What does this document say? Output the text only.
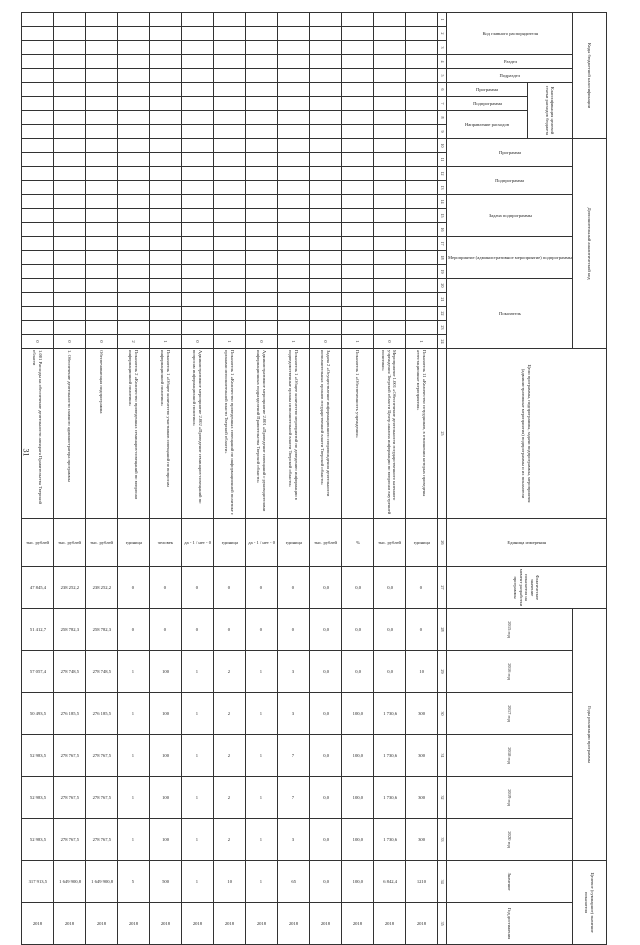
31
Коды бюджетной классификации									Дополнительный аналитический код															Цели программы, подпрограммы, задачи подпрограммы, мероприятия (административные мероприятия) подпрограммы и их показатели	Единица измерения	Фактическое значение показателя на момент разработки программы	Годы реализации программы						Целевое (суммарное) значение показателя	
Код главного распорядителя			Раздел	Подраздел	Классификация целевой статьи расходов бюджета				Программа		Подпрограмма		Задача подпрограммы			Мероприятие (административное мероприятие) подпрограммы			Показатель								2015 год	2016 год	2017 год	2018 год	2019 год	2020 год	Значение	Год достижения
					Программа	Подпрограмма	Направление расходов																											
1	2	3	4	5	6	7	8	9	10	11	12	13	14	15	16	17	18	19	20	21	22	23	24	25	26	27	28	29	30	31	32	33	34	35
																							1	Показатель 11 «Количество сотрудников, в отношении которых проведены аттестационные мероприятия»	единица	0	0	10	300	300	300	300	1210	2018
																							0	Мероприятие 1.001 «Обеспечение деятельности государственного казенного учреждения Тверской области Центр анализа информации по вопросам внутренней политики»	тыс. рублей	0,0	0,0	0,0	1 730,6	1 730,6	1 730,6	1 730,6	6 842,4	2018
																							1	Показатель 1 «Обеспеченность учреждения»	%	0,0	0,0	0,0	100,0	100,0	100,0	100,0	100,0	2018
																							0	Задача 2 «Осуществление информационного сопровождения деятельности исполнительных органов государственной власти Тверской области»	тыс. рублей	0,0	0,0	0,0	0,0	0,0	0,0	0,0	0,0	2018
																							1	Показатель 1 «Общее количество мероприятий по доведению информации в подведомственные органы исполнительной власти Тверской области»	единица	0	0	3	3	7	7	3	65	2018
																							0	Административное мероприятие 2.001 «Проведение совещаний с руководителями информационных подразделений Правительства Тверской области»	да - 1 / нет - 0	0	0	1	1	1	1	1	1	2018
																							1	Показатель 1 «Количество проведенных совещаний по информационной политике с органами исполнительной власти Тверской области»	единица	0	0	2	2	2	2	2	10	2018
																							0	Административное мероприятие 2.002 «Проведение семинаров-совещаний по вопросам информационной политики»	да - 1 / нет - 0	0	0	1	1	1	1	1	1	2018
																							1	Показатель 1 «Общее количество участников совещаний по вопросам информационной политики»	человек	0	0	100	100	100	100	100	500	2018
																							2	Показатель 2 «Количество проведенных семинаров-совещаний по вопросам информационной политики»	единица	0	0	1	1	1	1	1	5	2018
																							0	Обеспечивающая подпрограмма	тыс. рублей	238 252,2	258 782,3	278 748,5	276 185,5	278 767,5	278 767,5	278 767,5	1 649 900,8	2018
																							0	1. Обеспечение деятельности главного администратора программы	тыс. рублей	238 252,2	258 782,3	278 748,5	276 185,5	278 767,5	278 767,5	278 767,5	1 649 900,8	2018
																							0	1.001 Расходы на обеспечение деятельности аппарата Правительства Тверской области	тыс. рублей	47 845,4	51 412,7	57 057,4	50 493,5	52 983,5	52 983,5	52 983,5	317 913,5	2018
